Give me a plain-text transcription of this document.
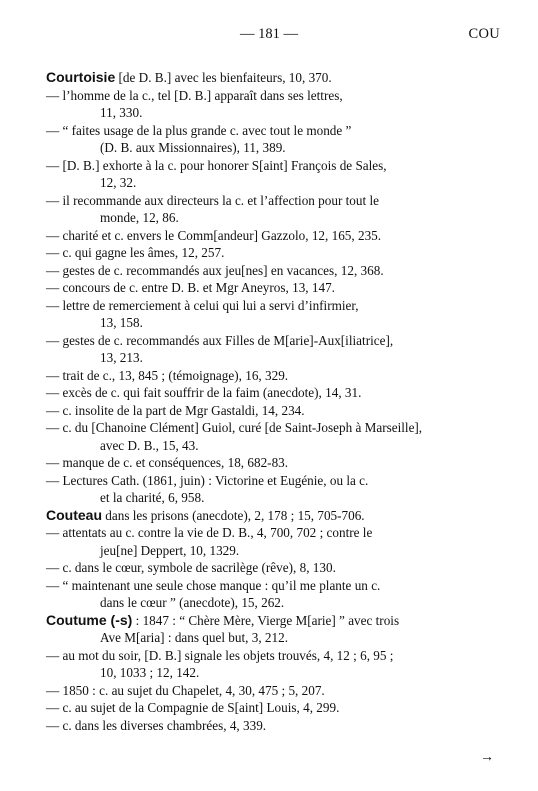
— 181 —	COU
Courtoisie [de D. B.] avec les bienfaiteurs, 10, 370.
— l’homme de la c., tel [D. B.] apparaît dans ses lettres,
11, 330.
— “ faites usage de la plus grande c. avec tout le monde ”
(D. B. aux Missionnaires), 11, 389.
— [D. B.] exhorte à la c. pour honorer S[aint] François de Sales,
12, 32.
— il recommande aux directeurs la c. et l’affection pour tout le
monde, 12, 86.
— charité et c. envers le Comm[andeur] Gazzolo, 12, 165, 235.
— c. qui gagne les âmes, 12, 257.
— gestes de c. recommandés aux jeu[nes] en vacances, 12, 368.
— concours de c. entre D. B. et Mgr Aneyros, 13, 147.
— lettre de remerciement à celui qui lui a servi d’infirmier,
13, 158.
— gestes de c. recommandés aux Filles de M[arie]-Aux[iliatrice],
13, 213.
— trait de c., 13, 845 ; (témoignage), 16, 329.
— excès de c. qui fait souffrir de la faim (anecdote), 14, 31.
— c. insolite de la part de Mgr Gastaldi, 14, 234.
— c. du [Chanoine Clément] Guiol, curé [de Saint-Joseph à Marseille],
avec D. B., 15, 43.
— manque de c. et conséquences, 18, 682-83.
— Lectures Cath. (1861, juin) : Victorine et Eugénie, ou la c.
et la charité, 6, 958.
Couteau dans les prisons (anecdote), 2, 178 ; 15, 705-706.
— attentats au c. contre la vie de D. B., 4, 700, 702 ; contre le
jeu[ne] Deppert, 10, 1329.
— c. dans le cœur, symbole de sacrilège (rêve), 8, 130.
— “ maintenant une seule chose manque : qu’il me plante un c.
dans le cœur ” (anecdote), 15, 262.
Coutume (-s) : 1847 : “ Chère Mère, Vierge M[arie] ” avec trois
Ave M[aria] : dans quel but, 3, 212.
— au mot du soir, [D. B.] signale les objets trouvés, 4, 12 ; 6, 95 ;
10, 1033 ; 12, 142.
— 1850 : c. au sujet du Chapelet, 4, 30, 475 ; 5, 207.
— c. au sujet de la Compagnie de S[aint] Louis, 4, 299.
— c. dans les diverses chambrées, 4, 339.
→
